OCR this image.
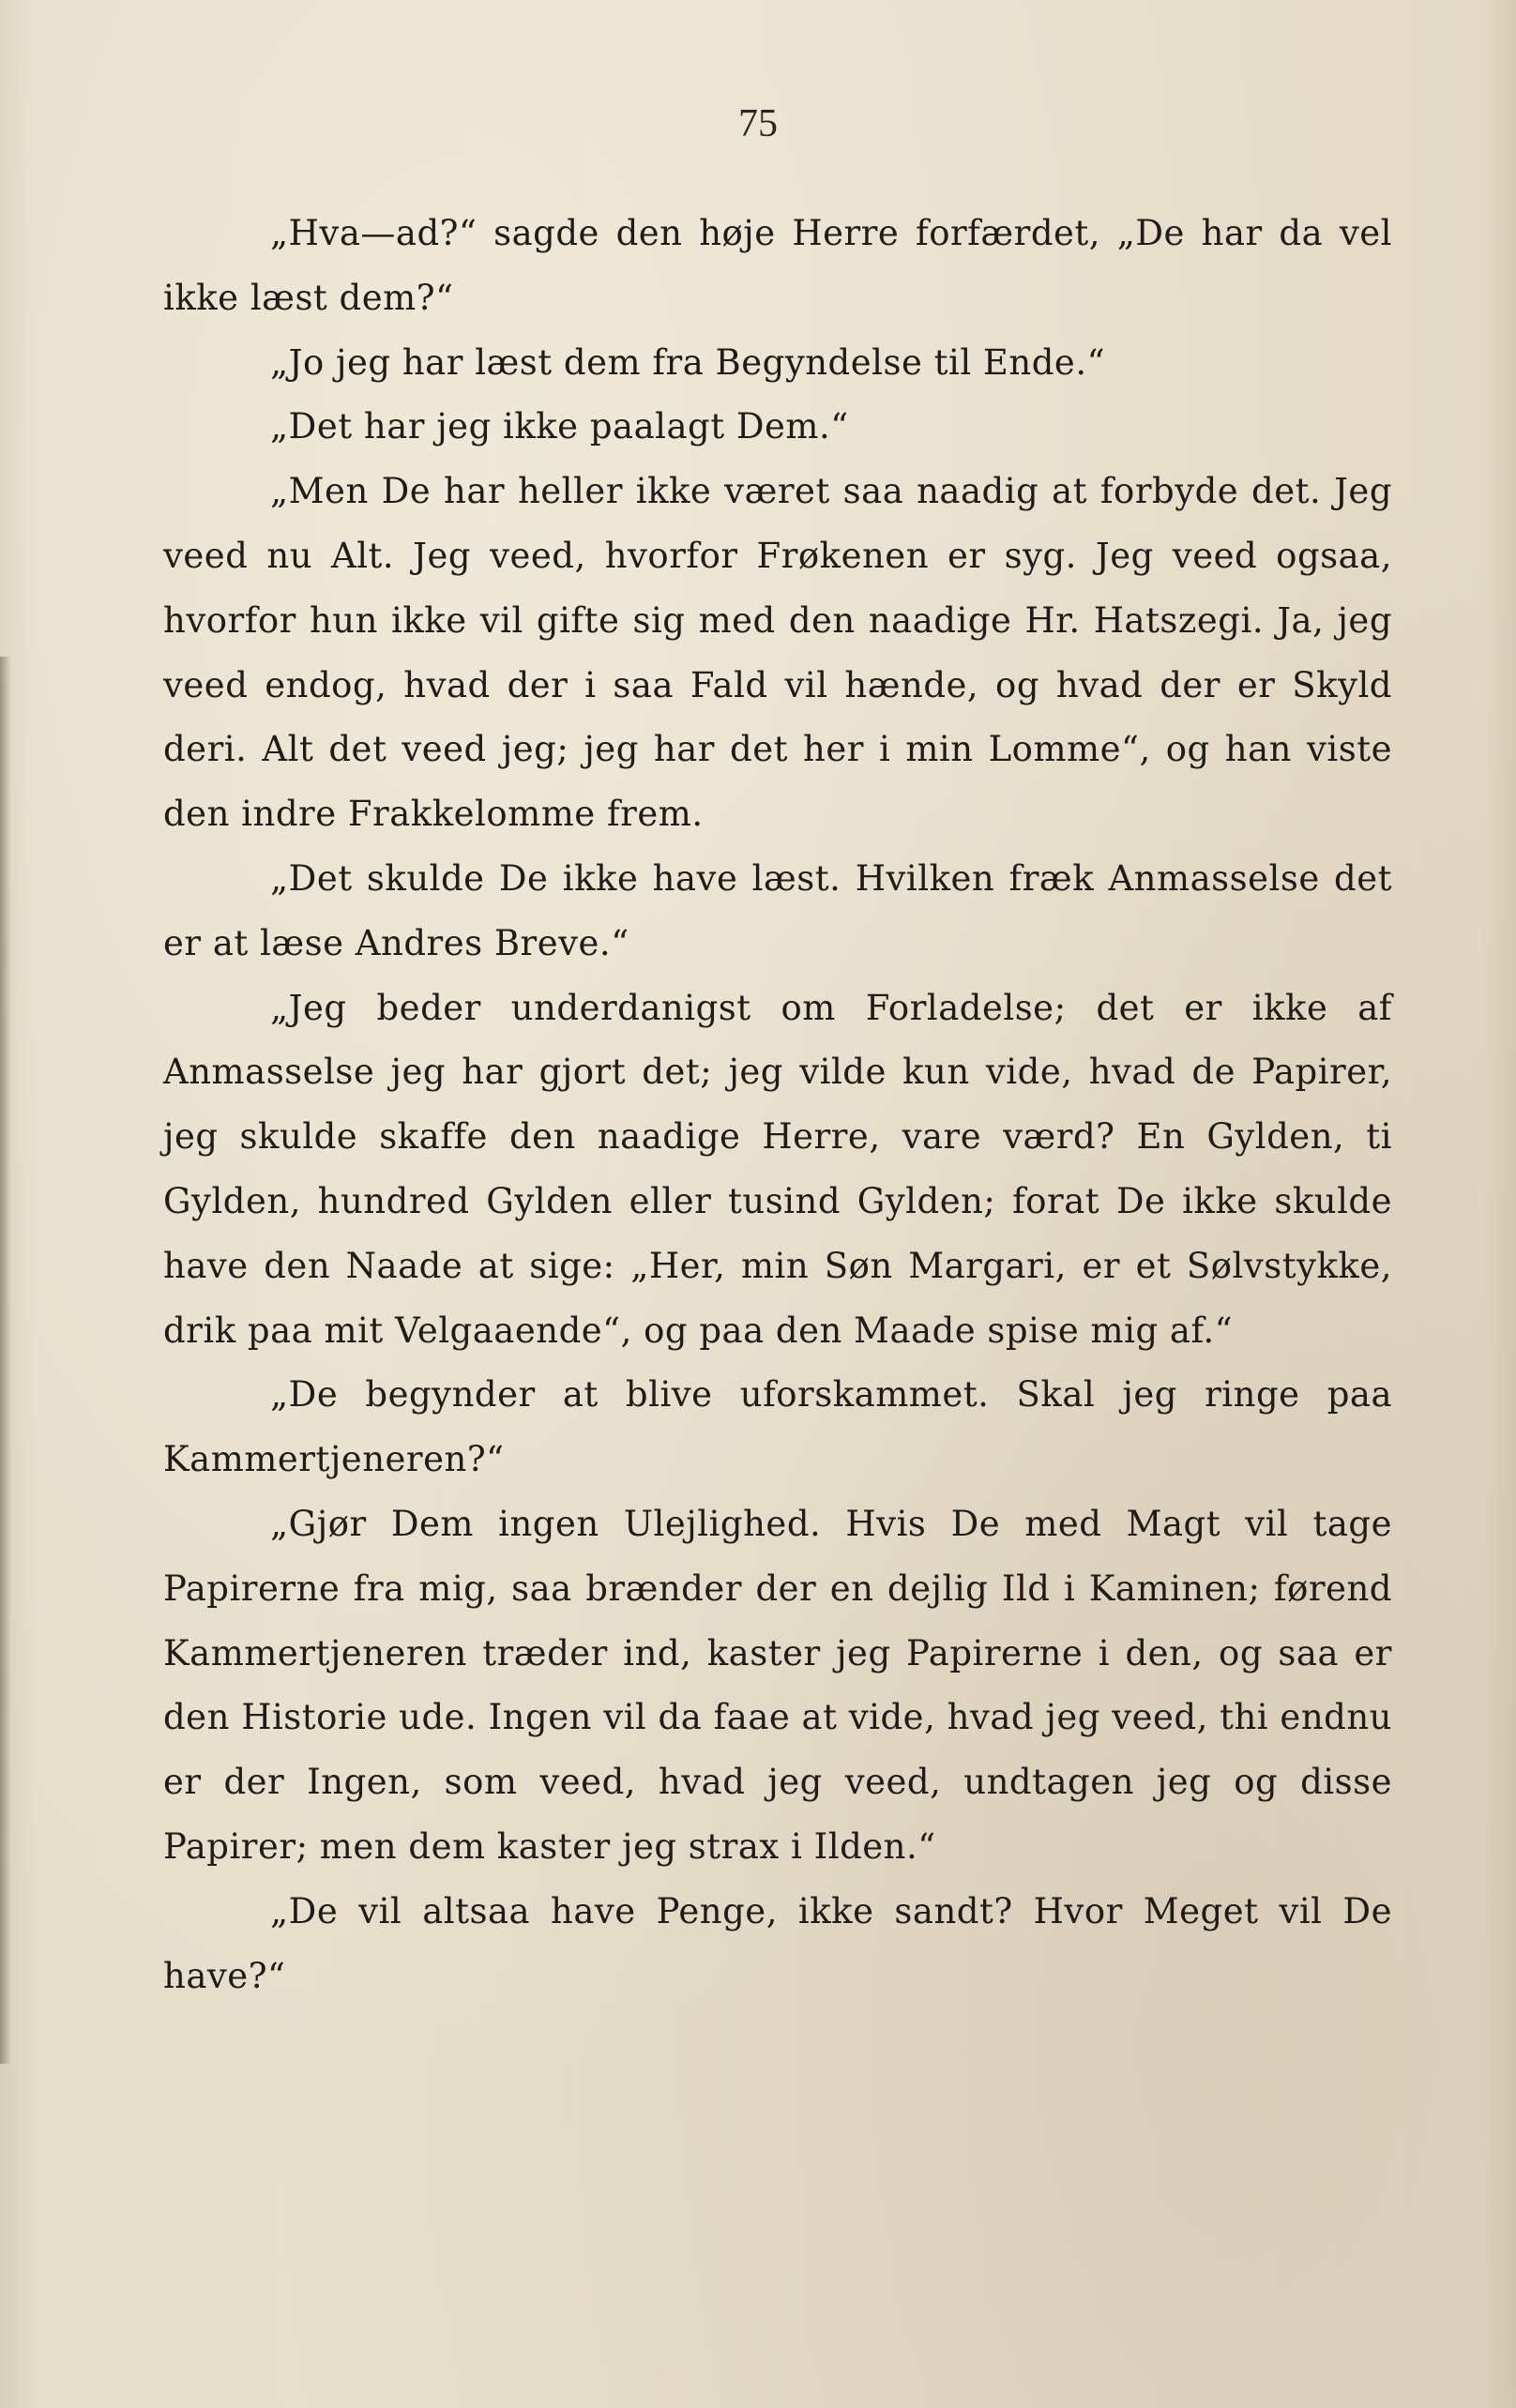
75

„Hva—ad?“ sagde den høje Herre forfærdet, „De har da vel ikke læst dem?“

„Jo jeg har læst dem fra Begyndelse til Ende.“

„Det har jeg ikke paalagt Dem.“

„Men De har heller ikke været saa naadig at forbyde det. Jeg veed nu Alt. Jeg veed, hvorfor Frøkenen er syg. Jeg veed ogsaa, hvorfor hun ikke vil gifte sig med den naadige Hr. Hatszegi. Ja, jeg veed endog, hvad der i saa Fald vil hænde, og hvad der er Skyld deri. Alt det veed jeg; jeg har det her i min Lomme“, og han viste den indre Frakkelomme frem.

„Det skulde De ikke have læst. Hvilken fræk Anmasselse det er at læse Andres Breve.“

„Jeg beder underdanigst om Forladelse; det er ikke af Anmasselse jeg har gjort det; jeg vilde kun vide, hvad de Papirer, jeg skulde skaffe den naadige Herre, vare værd? En Gylden, ti Gylden, hundred Gylden eller tusind Gylden; forat De ikke skulde have den Naade at sige: „Her, min Søn Margari, er et Sølvstykke, drik paa mit Velgaaende“, og paa den Maade spise mig af.“

„De begynder at blive uforskammet. Skal jeg ringe paa Kammertjeneren?“

„Gjør Dem ingen Ulejlighed. Hvis De med Magt vil tage Papirerne fra mig, saa brænder der en dejlig Ild i Kaminen; førend Kammertjeneren træder ind, kaster jeg Papirerne i den, og saa er den Historie ude. Ingen vil da faae at vide, hvad jeg veed, thi endnu er der Ingen, som veed, hvad jeg veed, undtagen jeg og disse Papirer; men dem kaster jeg strax i Ilden.“

„De vil altsaa have Penge, ikke sandt? Hvor Meget vil De have?“
